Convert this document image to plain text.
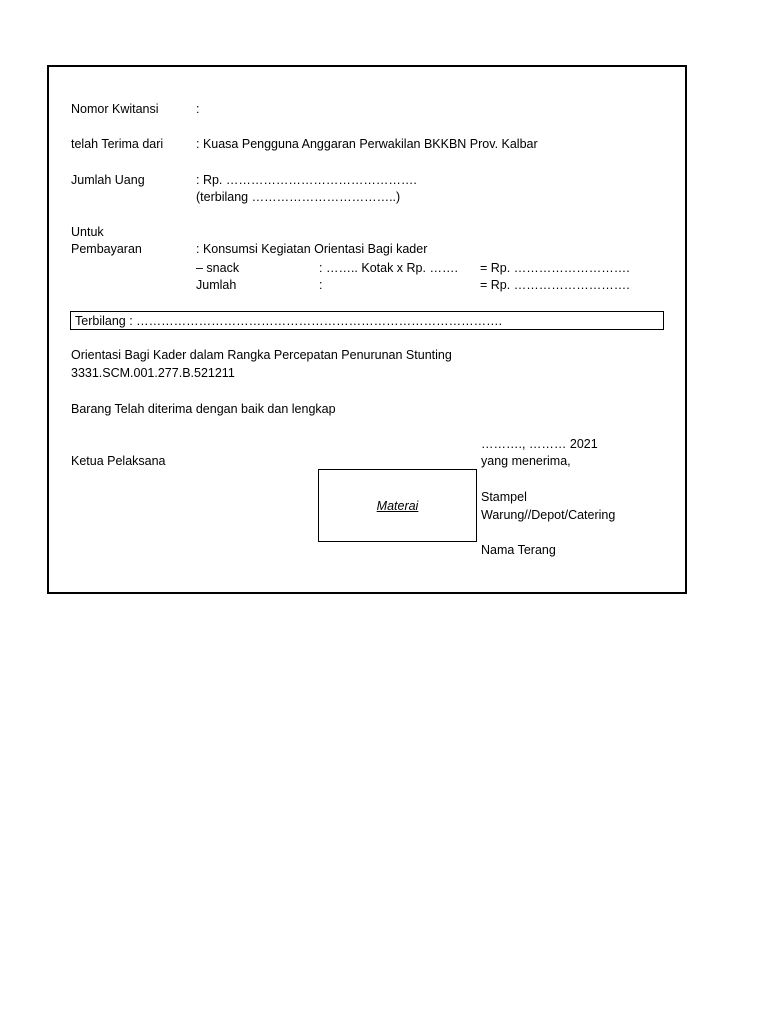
Nomor Kwitansi	:

telah Terima dari	: Kuasa Pengguna Anggaran Perwakilan BKKBN Prov. Kalbar

Jumlah Uang	: Rp. ……………………………………….

(terbilang ……………………………..)

Untuk

Pembayaran	: Konsumsi Kegiatan Orientasi Bagi kader

– snack	: …….. Kotak x Rp. ……. = Rp. ……………………….

Jumlah	:	= Rp. ……………………….

Terbilang : …………………………………………………………………………….

Orientasi Bagi Kader dalam Rangka Percepatan Penurunan Stunting

3331.SCM.001.277.B.521211

Barang Telah diterima dengan baik dan lengkap

………., ……… 2021

Ketua Pelaksana	yang menerima,

Materai

Stampel

Warung//Depot/Catering

Nama Terang
